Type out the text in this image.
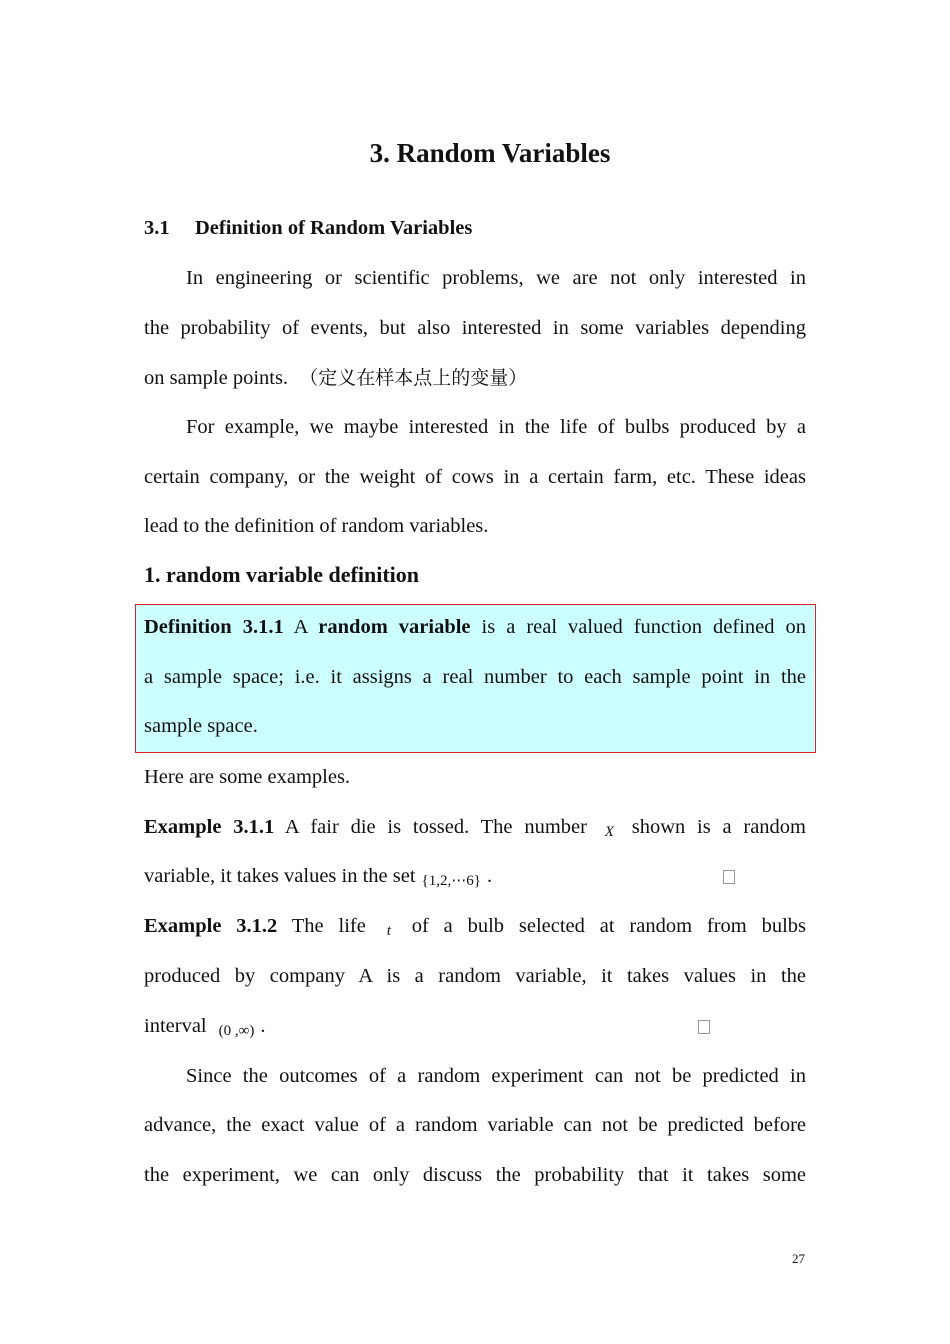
3. Random Variables
3.1 Definition of Random Variables
In engineering or scientific problems, we are not only interested in
the probability of events, but also interested in some variables depending
on sample points. （定义在样本点上的变量）
For example, we maybe interested in the life of bulbs produced by a
certain company, or the weight of cows in a certain farm, etc. These ideas
lead to the definition of random variables.
1. random variable definition
Definition 3.1.1 A random variable is a real valued function defined on
a sample space; i.e. it assigns a real number to each sample point in the
sample space.
Here are some examples.
Example 3.1.1 A fair die is tossed. The number X shown is a random
variable, it takes values in the set {1,2,⋯6} .
Example 3.1.2 The life t of a bulb selected at random from bulbs
produced by company A is a random variable, it takes values in the
interval (0 ,∞) .
Since the outcomes of a random experiment can not be predicted in
advance, the exact value of a random variable can not be predicted before
the experiment, we can only discuss the probability that it takes some
27
